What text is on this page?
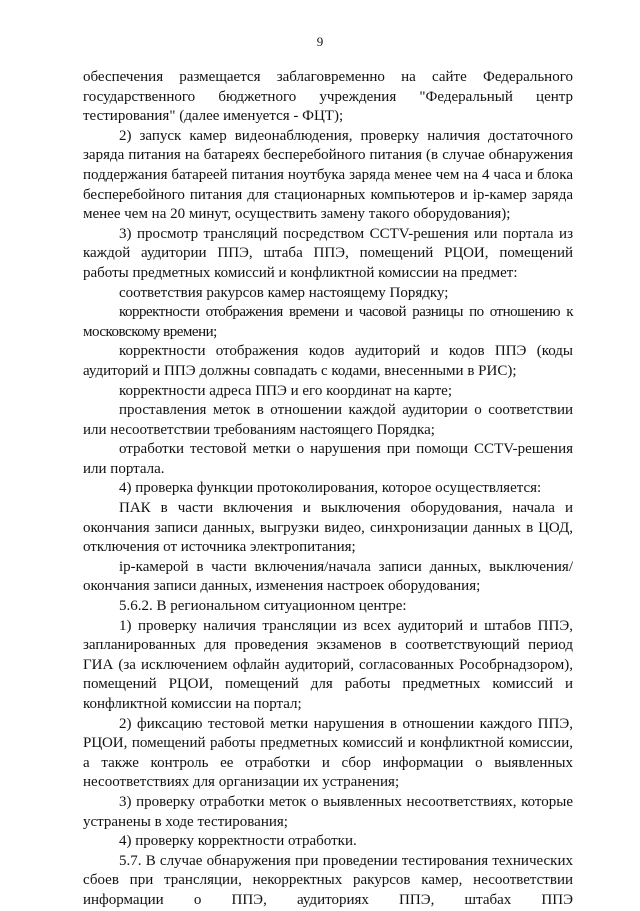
9

обеспечения размещается заблаговременно на сайте Федерального государственного бюджетного учреждения "Федеральный центр тестирования" (далее именуется - ФЦТ);

2) запуск камер видеонаблюдения, проверку наличия достаточного заряда питания на батареях бесперебойного питания (в случае обнаружения поддержания батареей питания ноутбука заряда менее чем на 4 часа и блока бесперебойного питания для стационарных компьютеров и ip-камер заряда менее чем на 20 минут, осуществить замену такого оборудования);

3) просмотр трансляций посредством CCTV-решения или портала из каждой аудитории ППЭ, штаба ППЭ, помещений РЦОИ, помещений работы предметных комиссий и конфликтной комиссии на предмет:

соответствия ракурсов камер настоящему Порядку;

корректности отображения времени и часовой разницы по отношению к московскому времени;

корректности отображения кодов аудиторий и кодов ППЭ (коды аудиторий и ППЭ должны совпадать с кодами, внесенными в РИС);

корректности адреса ППЭ и его координат на карте;

проставления меток в отношении каждой аудитории о соответствии или несоответствии требованиям настоящего Порядка;

отработки тестовой метки о нарушения при помощи CCTV-решения или портала.

4) проверка функции протоколирования, которое осуществляется:

ПАК в части включения и выключения оборудования, начала и окончания записи данных, выгрузки видео, синхронизации данных в ЦОД, отключения от источника электропитания;

ip-камерой в части включения/начала записи данных, выключения/окончания записи данных, изменения настроек оборудования;

5.6.2. В региональном ситуационном центре:

1) проверку наличия трансляции из всех аудиторий и штабов ППЭ, запланированных для проведения экзаменов в соответствующий период ГИА (за исключением офлайн аудиторий, согласованных Рособрнадзором), помещений РЦОИ, помещений для работы предметных комиссий и конфликтной комиссии на портал;

2) фиксацию тестовой метки нарушения в отношении каждого ППЭ, РЦОИ, помещений работы предметных комиссий и конфликтной комиссии, а также контроль ее отработки и сбор информации о выявленных несоответствиях для организации их устранения;

3) проверку отработки меток о выявленных несоответствиях, которые устранены в ходе тестирования;

4) проверку корректности отработки.

5.7. В случае обнаружения при проведении тестирования технических сбоев при трансляции, некорректных ракурсов камер, несоответствии информации о ППЭ, аудиториях ППЭ, штабах ППЭ
